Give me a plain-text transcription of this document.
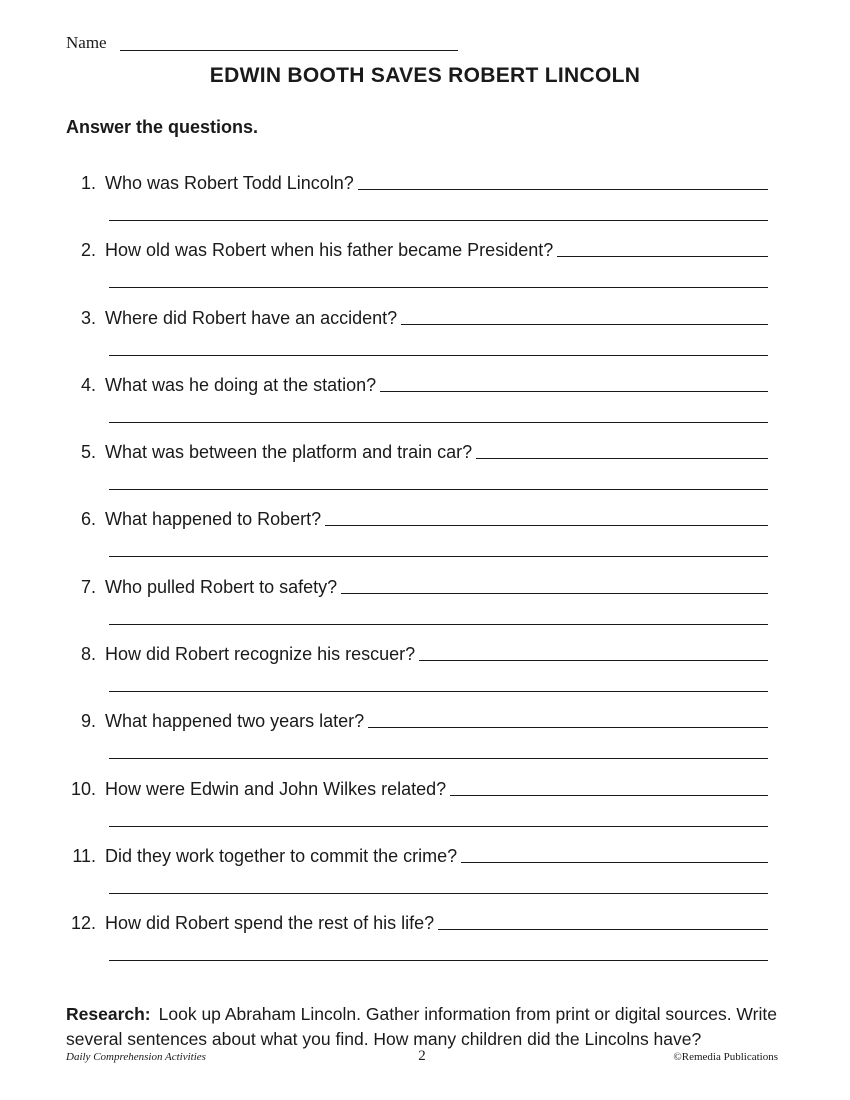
Name
EDWIN BOOTH SAVES ROBERT LINCOLN
Answer the questions.
1. Who was Robert Todd Lincoln?
2. How old was Robert when his father became President?
3. Where did Robert have an accident?
4. What was he doing at the station?
5. What was between the platform and train car?
6. What happened to Robert?
7. Who pulled Robert to safety?
8. How did Robert recognize his rescuer?
9. What happened two years later?
10. How were Edwin and John Wilkes related?
11. Did they work together to commit the crime?
12. How did Robert spend the rest of his life?
Research: Look up Abraham Lincoln. Gather information from print or digital sources. Write several sentences about what you find. How many children did the Lincolns have?
Daily Comprehension Activities	2	©Remedia Publications
